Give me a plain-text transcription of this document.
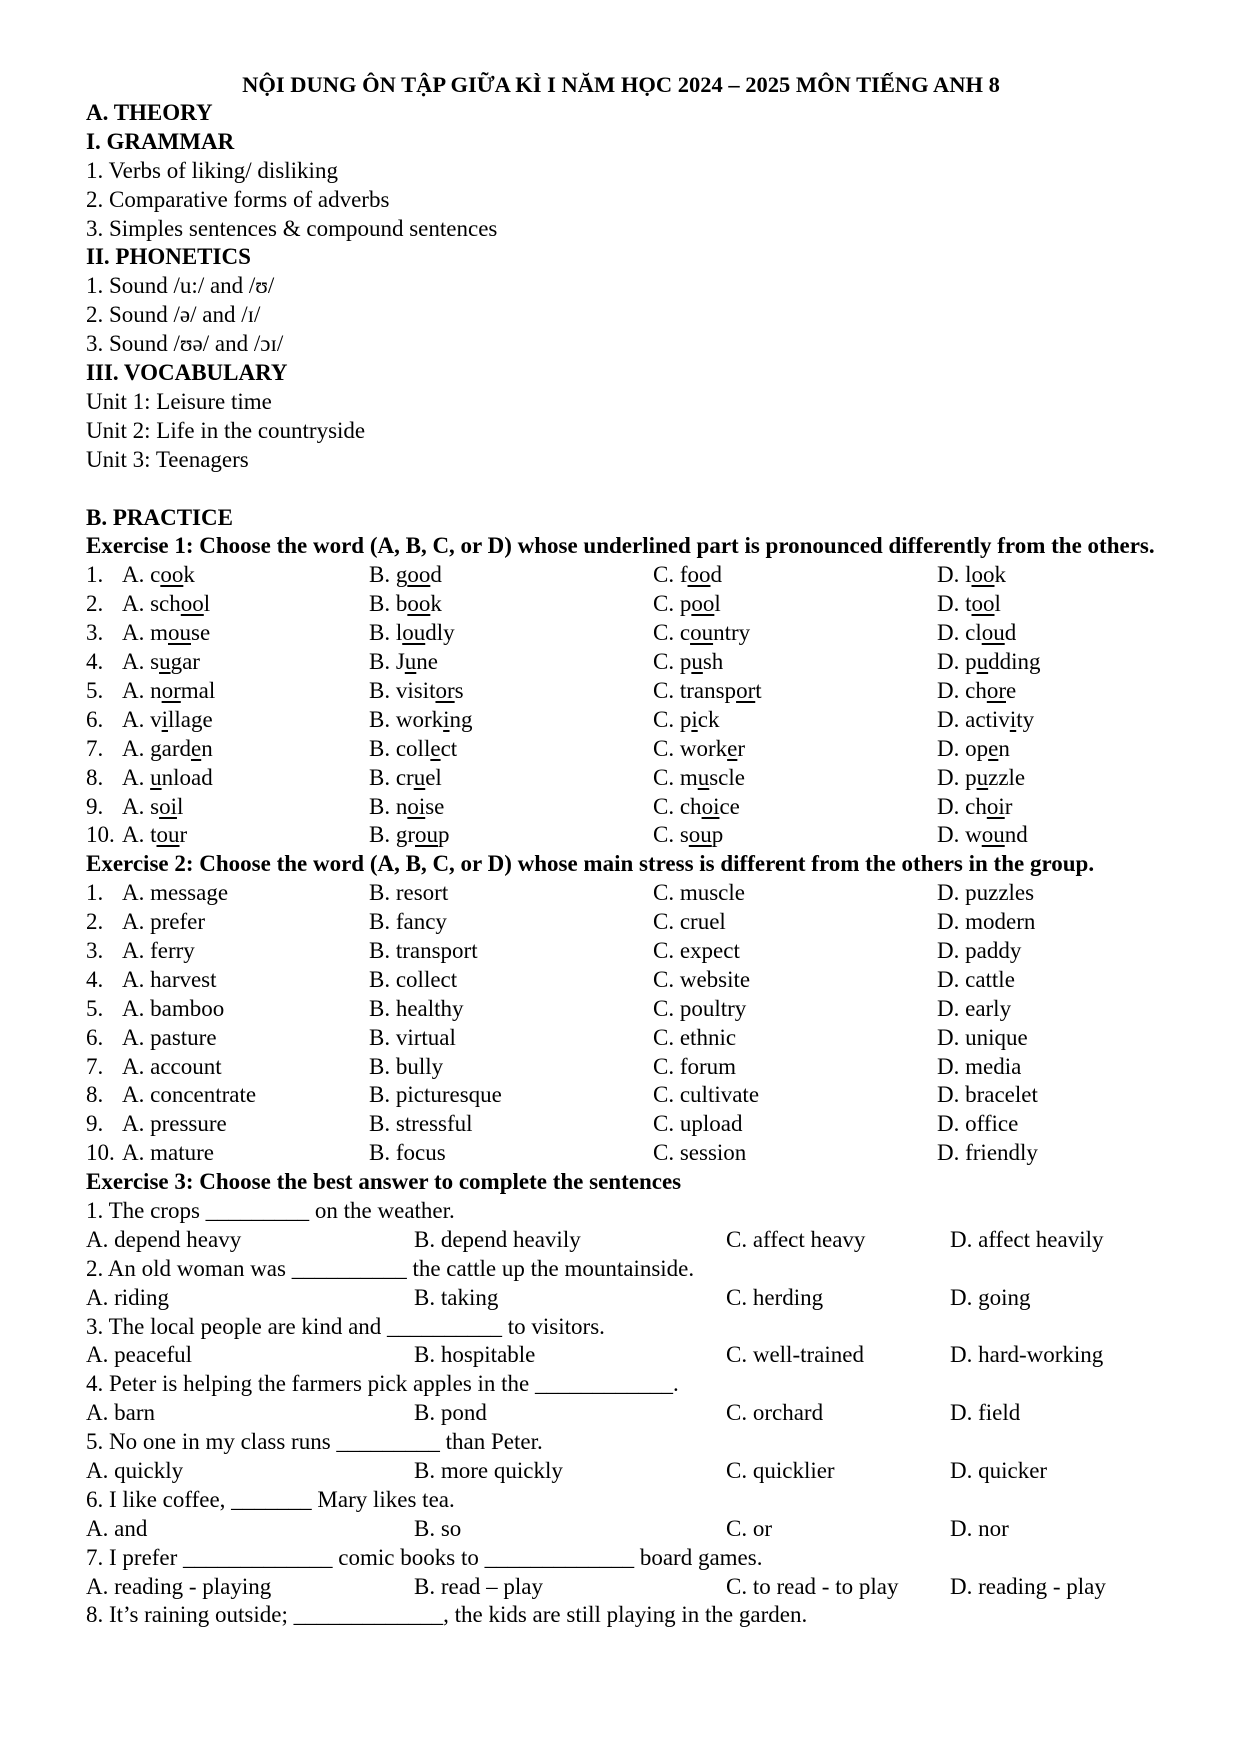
NỘI DUNG ÔN TẬP GIỮA KÌ I NĂM HỌC 2024 – 2025 MÔN TIẾNG ANH 8
A. THEORY
I. GRAMMAR
1. Verbs of liking/ disliking
2. Comparative forms of adverbs
3. Simples sentences & compound sentences
II. PHONETICS
1. Sound /u:/ and /ʊ/
2. Sound /ə/ and /ɪ/
3. Sound /ʊə/ and /ɔɪ/
III. VOCABULARY
Unit 1: Leisure time
Unit 2: Life in the countryside
Unit 3: Teenagers
B. PRACTICE
Exercise 1: Choose the word (A, B, C, or D) whose underlined part is pronounced differently from the others.
1. A. cook	B. good	C. food	D. look
2. A. school	B. book	C. pool	D. tool
3. A. mouse	B. loudly	C. country	D. cloud
4. A. sugar	B. June	C. push	D. pudding
5. A. normal	B. visitors	C. transport	D. chore
6. A. village	B. working	C. pick	D. activity
7. A. garden	B. collect	C. worker	D. open
8. A. unload	B. cruel	C. muscle	D. puzzle
9. A. soil	B. noise	C. choice	D. choir
10. A. tour	B. group	C. soup	D. wound
Exercise 2: Choose the word (A, B, C, or D) whose main stress is different from the others in the group.
1. A. message	B. resort	C. muscle	D. puzzles
2. A. prefer	B. fancy	C. cruel	D. modern
3. A. ferry	B. transport	C. expect	D. paddy
4. A. harvest	B. collect	C. website	D. cattle
5. A. bamboo	B. healthy	C. poultry	D. early
6. A. pasture	B. virtual	C. ethnic	D. unique
7. A. account	B. bully	C. forum	D. media
8. A. concentrate	B. picturesque	C. cultivate	D. bracelet
9. A. pressure	B. stressful	C. upload	D. office
10. A. mature	B. focus	C. session	D. friendly
Exercise 3: Choose the best answer to complete the sentences
1. The crops _________ on the weather.
A. depend heavy	B. depend heavily	C. affect heavy	D. affect heavily
2. An old woman was __________ the cattle up the mountainside.
A. riding	B. taking	C. herding	D. going
3. The local people are kind and __________ to visitors.
A. peaceful	B. hospitable	C. well-trained	D. hard-working
4. Peter is helping the farmers pick apples in the ____________.
A. barn	B. pond	C. orchard	D. field
5. No one in my class runs _________ than Peter.
A. quickly	B. more quickly	C. quicklier	D. quicker
6. I like coffee, _______ Mary likes tea.
A. and	B. so	C. or	D. nor
7. I prefer _____________ comic books to _____________ board games.
A. reading - playing	B. read – play	C. to read - to play	D. reading - play
8. It’s raining outside; _____________, the kids are still playing in the garden.
